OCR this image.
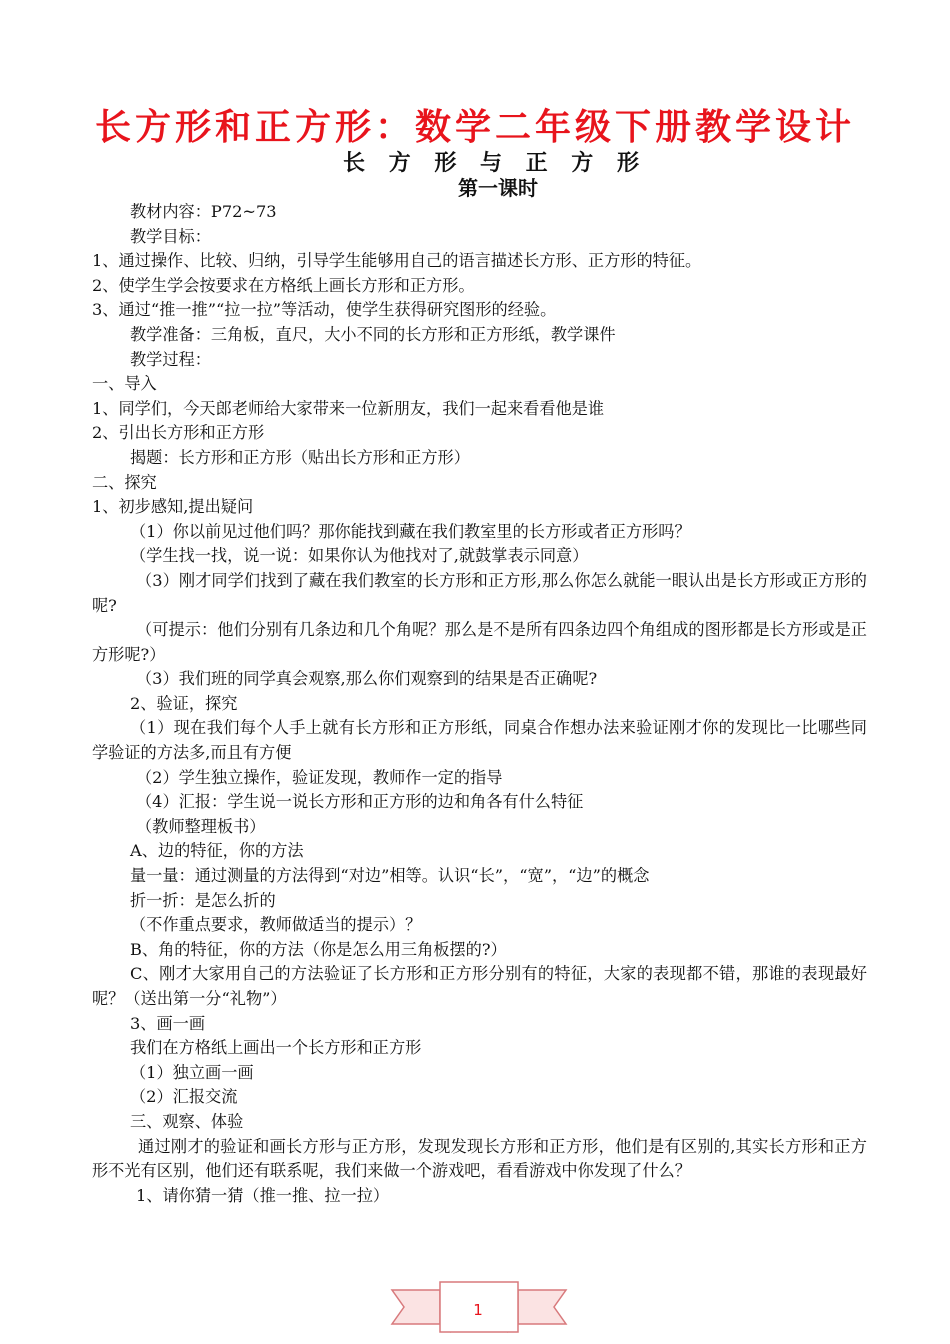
长方形和正方形：数学二年级下册教学设计
长 方 形 与 正 方 形
第一课时

教材内容：P72~73

教学目标：

1、通过操作、比较、归纳，引导学生能够用自己的语言描述长方形、正方形的特征。

2、使学生学会按要求在方格纸上画长方形和正方形。

3、通过“推一推”“拉一拉”等活动，使学生获得研究图形的经验。

教学准备：三角板，直尺，大小不同的长方形和正方形纸，教学课件

教学过程：

一、导入

1、同学们，今天郎老师给大家带来一位新朋友，我们一起来看看他是谁

2、引出长方形和正方形

揭题：长方形和正方形（贴出长方形和正方形）

二、探究

1、初步感知,提出疑问

（1）你以前见过他们吗？那你能找到藏在我们教室里的长方形或者正方形吗？

（学生找一找，说一说：如果你认为他找对了,就鼓掌表示同意）

（3）刚才同学们找到了藏在我们教室的长方形和正方形,那么你怎么就能一眼认出是长方形或正方形的呢?

（可提示：他们分别有几条边和几个角呢？那么是不是所有四条边四个角组成的图形都是长方形或是正方形呢?）

（3）我们班的同学真会观察,那么你们观察到的结果是否正确呢?

2、验证，探究

（1）现在我们每个人手上就有长方形和正方形纸，同桌合作想办法来验证刚才你的发现比一比哪些同学验证的方法多,而且有方便

（2）学生独立操作，验证发现，教师作一定的指导

（4）汇报：学生说一说长方形和正方形的边和角各有什么特征

（教师整理板书）

A、边的特征，你的方法

量一量：通过测量的方法得到“对边”相等。认识“长”，“宽”，“边”的概念

折一折：是怎么折的

（不作重点要求，教师做适当的提示）？

B、角的特征，你的方法（你是怎么用三角板摆的?）

C、刚才大家用自己的方法验证了长方形和正方形分别有的特征，大家的表现都不错，那谁的表现最好呢？（送出第一分“礼物”）

3、画一画

我们在方格纸上画出一个长方形和正方形

（1）独立画一画

（2）汇报交流

三、观察、体验

通过刚才的验证和画长方形与正方形，发现发现长方形和正方形，他们是有区别的,其实长方形和正方形不光有区别，他们还有联系呢，我们来做一个游戏吧，看看游戏中你发现了什么？

1、请你猜一猜（推一推、拉一拉）

1
